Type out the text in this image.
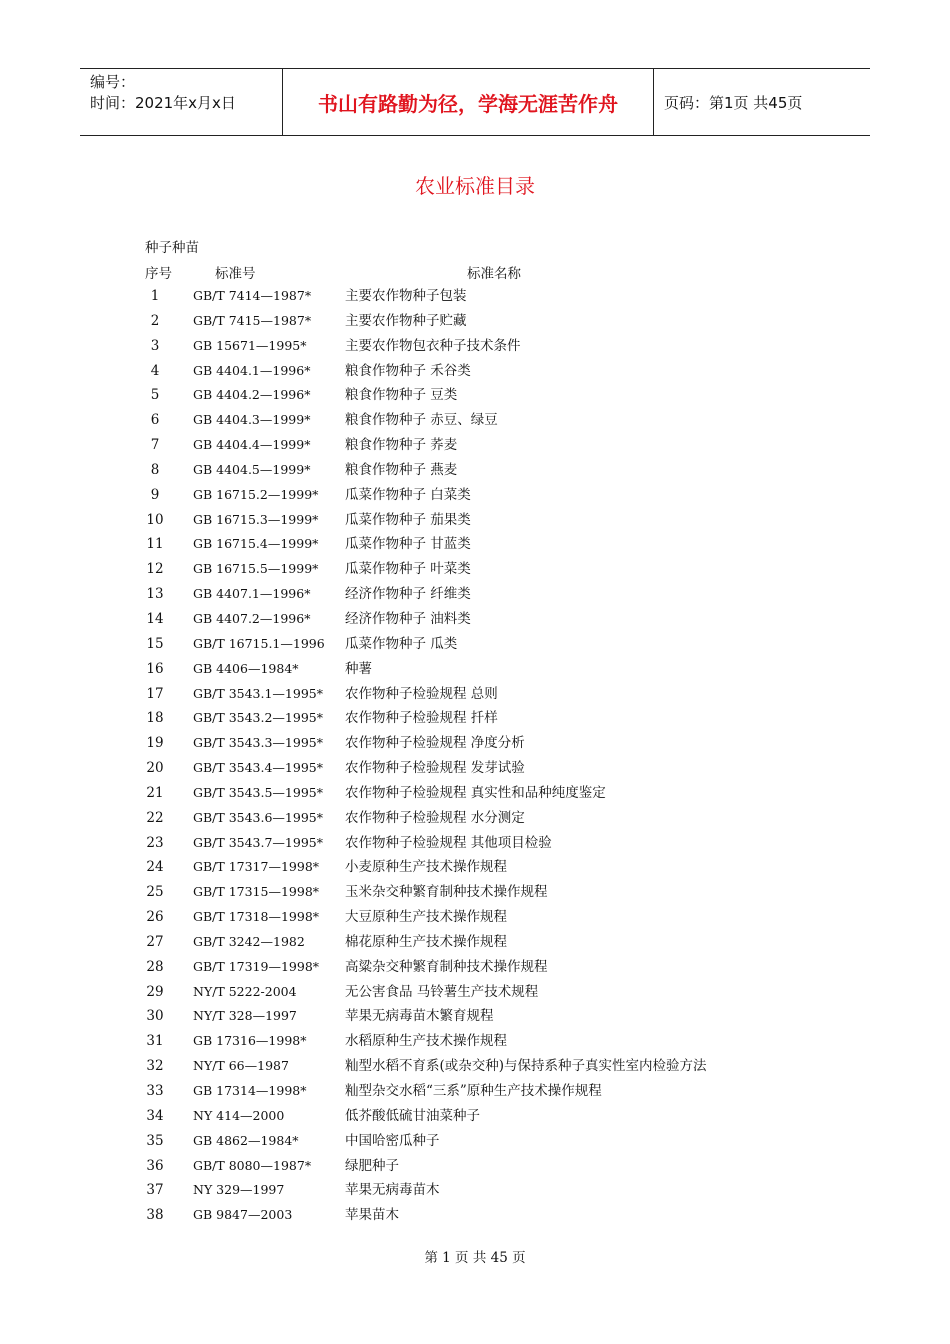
编号：
时间：2021年x月x日	书山有路勤为径，学海无涯苦作舟	页码：第1页 共45页
农业标准目录
种子种苗
序号	标准号	标准名称
1	GB/T 7414—1987*	主要农作物种子包装
2	GB/T 7415—1987*	主要农作物种子贮藏
3	GB 15671—1995*	主要农作物包衣种子技术条件
4	GB 4404.1—1996*	粮食作物种子 禾谷类
5	GB 4404.2—1996*	粮食作物种子 豆类
6	GB 4404.3—1999*	粮食作物种子 赤豆、绿豆
7	GB 4404.4—1999*	粮食作物种子 荞麦
8	GB 4404.5—1999*	粮食作物种子 燕麦
9	GB 16715.2—1999* 瓜菜作物种子 白菜类
10	GB 16715.3—1999* 瓜菜作物种子 茄果类
11	GB 16715.4—1999* 瓜菜作物种子 甘蓝类
12	GB 16715.5—1999* 瓜菜作物种子 叶菜类
13	GB 4407.1—1996*	经济作物种子 纤维类
14	GB 4407.2—1996*	经济作物种子 油料类
15	GB/T 16715.1—1996 瓜菜作物种子 瓜类
16	GB 4406—1984*	种薯
17	GB/T 3543.1—1995* 农作物种子检验规程 总则
18	GB/T 3543.2—1995* 农作物种子检验规程 扦样
19	GB/T 3543.3—1995* 农作物种子检验规程 净度分析
20	GB/T 3543.4—1995* 农作物种子检验规程 发芽试验
21	GB/T 3543.5—1995* 农作物种子检验规程 真实性和品种纯度鉴定
22	GB/T 3543.6—1995* 农作物种子检验规程 水分测定
23	GB/T 3543.7—1995* 农作物种子检验规程 其他项目检验
24	GB/T 17317—1998* 小麦原种生产技术操作规程
25	GB/T 17315—1998* 玉米杂交种繁育制种技术操作规程
26	GB/T 17318—1998* 大豆原种生产技术操作规程
27	GB/T 3242—1982	棉花原种生产技术操作规程
28	GB/T 17319—1998* 高粱杂交种繁育制种技术操作规程
29	NY/T 5222-2004	无公害食品 马铃薯生产技术规程
30	NY/T 328—1997	苹果无病毒苗木繁育规程
31	GB 17316—1998*	水稻原种生产技术操作规程
32	NY/T 66—1987	籼型水稻不育系(或杂交种)与保持系种子真实性室内检验方法
33	GB 17314—1998*	籼型杂交水稻“三系”原种生产技术操作规程
34	NY 414—2000	低芥酸低硫甘油菜种子
35	GB 4862—1984*	中国哈密瓜种子
36	GB/T 8080—1987*	绿肥种子
37	NY 329—1997	苹果无病毒苗木
38	GB 9847—2003	苹果苗木
第 1 页 共 45 页
